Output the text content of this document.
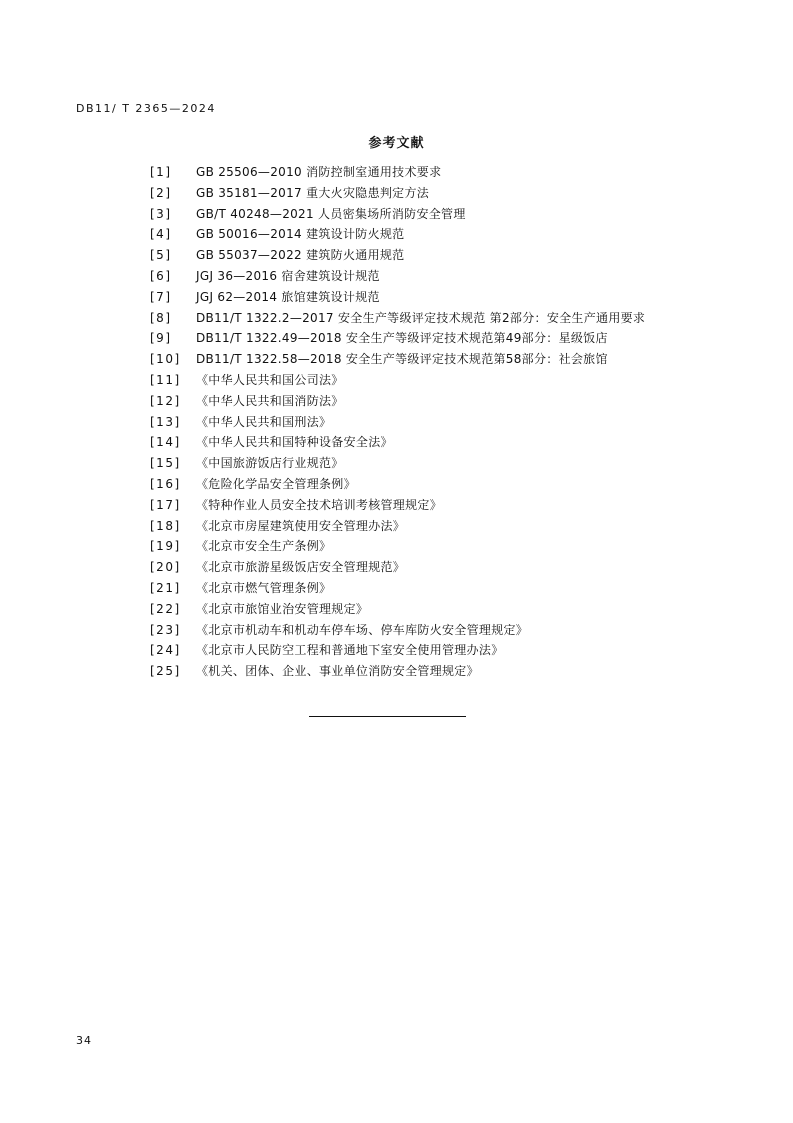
DB11/ T 2365—2024
参考文献
[1]	GB 25506—2010 消防控制室通用技术要求
[2]	GB 35181—2017 重大火灾隐患判定方法
[3]	GB/T 40248—2021 人员密集场所消防安全管理
[4]	GB 50016—2014 建筑设计防火规范
[5]	GB 55037—2022 建筑防火通用规范
[6]	JGJ 36—2016 宿舍建筑设计规范
[7]	JGJ 62—2014 旅馆建筑设计规范
[8]	DB11/T 1322.2—2017 安全生产等级评定技术规范 第2部分：安全生产通用要求
[9]	DB11/T 1322.49—2018 安全生产等级评定技术规范第49部分：星级饭店
[10]	DB11/T 1322.58—2018 安全生产等级评定技术规范第58部分：社会旅馆
[11]	《中华人民共和国公司法》
[12]	《中华人民共和国消防法》
[13]	《中华人民共和国刑法》
[14]	《中华人民共和国特种设备安全法》
[15]	《中国旅游饭店行业规范》
[16]	《危险化学品安全管理条例》
[17]	《特种作业人员安全技术培训考核管理规定》
[18]	《北京市房屋建筑使用安全管理办法》
[19]	《北京市安全生产条例》
[20]	《北京市旅游星级饭店安全管理规范》
[21]	《北京市燃气管理条例》
[22]	《北京市旅馆业治安管理规定》
[23]	《北京市机动车和机动车停车场、停车库防火安全管理规定》
[24]	《北京市人民防空工程和普通地下室安全使用管理办法》
[25]	《机关、团体、企业、事业单位消防安全管理规定》
34
